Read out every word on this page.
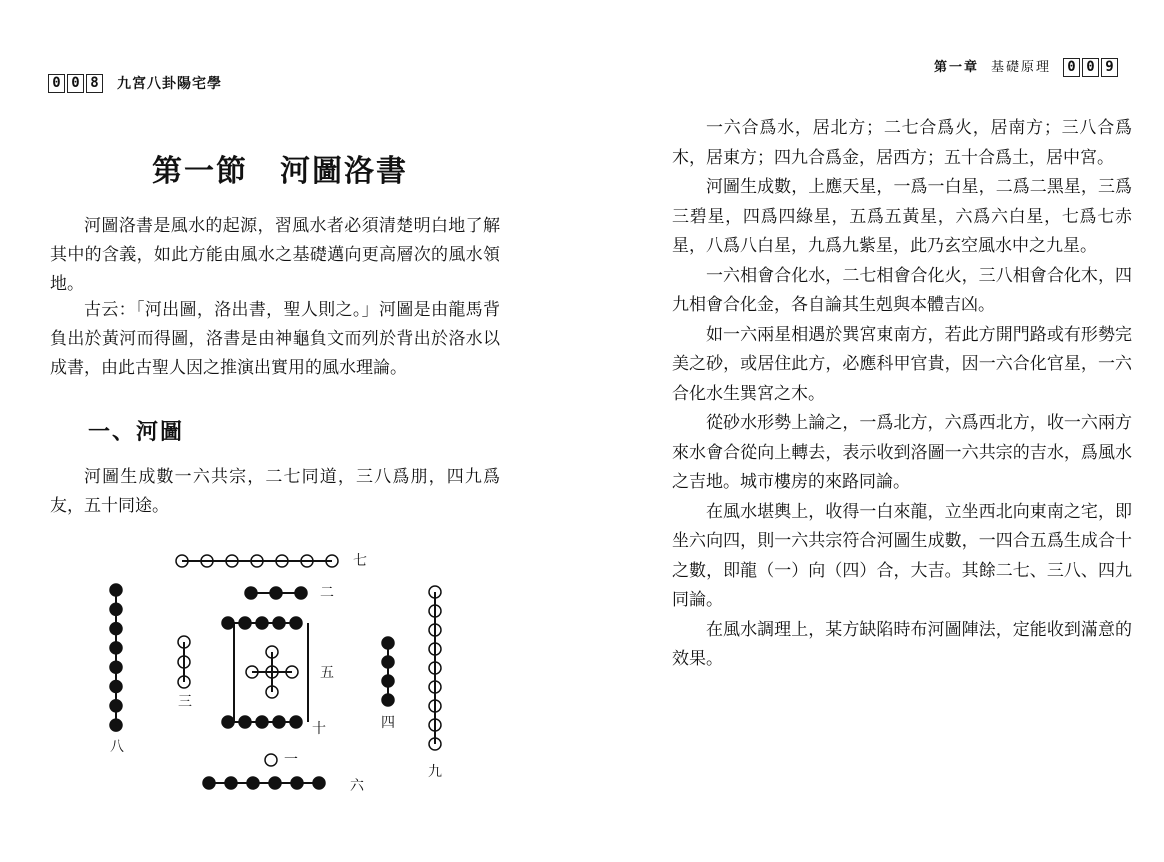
0 0 8	九宮八卦陽宅學
第一節　河圖洛書

河圖洛書是風水的起源，習風水者必須清楚明白地了解其中的含義，如此方能由風水之基礎邁向更高層次的風水領地。

古云：「河出圖，洛出書，聖人則之。」河圖是由龍馬背負出於黃河而得圖，洛書是由神龜負文而列於背出於洛水以成書，由此古聖人因之推演出實用的風水理論。

一、河圖

河圖生成數一六共宗，二七同道，三八爲朋，四九爲友，五十同途。

七
二
五
十
三
八
四
九
一
六
第一章 基礎原理	0 0 9

一六合爲水，居北方；二七合爲火，居南方；三八合爲木，居東方；四九合爲金，居西方；五十合爲土，居中宮。

河圖生成數，上應天星，一爲一白星，二爲二黑星，三爲三碧星，四爲四綠星，五爲五黃星，六爲六白星，七爲七赤星，八爲八白星，九爲九紫星，此乃玄空風水中之九星。

一六相會合化水，二七相會合化火，三八相會合化木，四九相會合化金，各自論其生剋與本體吉凶。

如一六兩星相遇於巽宮東南方，若此方開門路或有形勢完美之砂，或居住此方，必應科甲官貴，因一六合化官星，一六合化水生巽宮之木。

從砂水形勢上論之，一爲北方，六爲西北方，收一六兩方來水會合從向上轉去，表示收到洛圖一六共宗的吉水，爲風水之吉地。城市樓房的來路同論。

在風水堪輿上，收得一白來龍，立坐西北向東南之宅，即坐六向四，則一六共宗符合河圖生成數，一四合五爲生成合十之數，即龍（一）向（四）合，大吉。其餘二七、三八、四九同論。

在風水調理上，某方缺陷時布河圖陣法，定能收到滿意的效果。
